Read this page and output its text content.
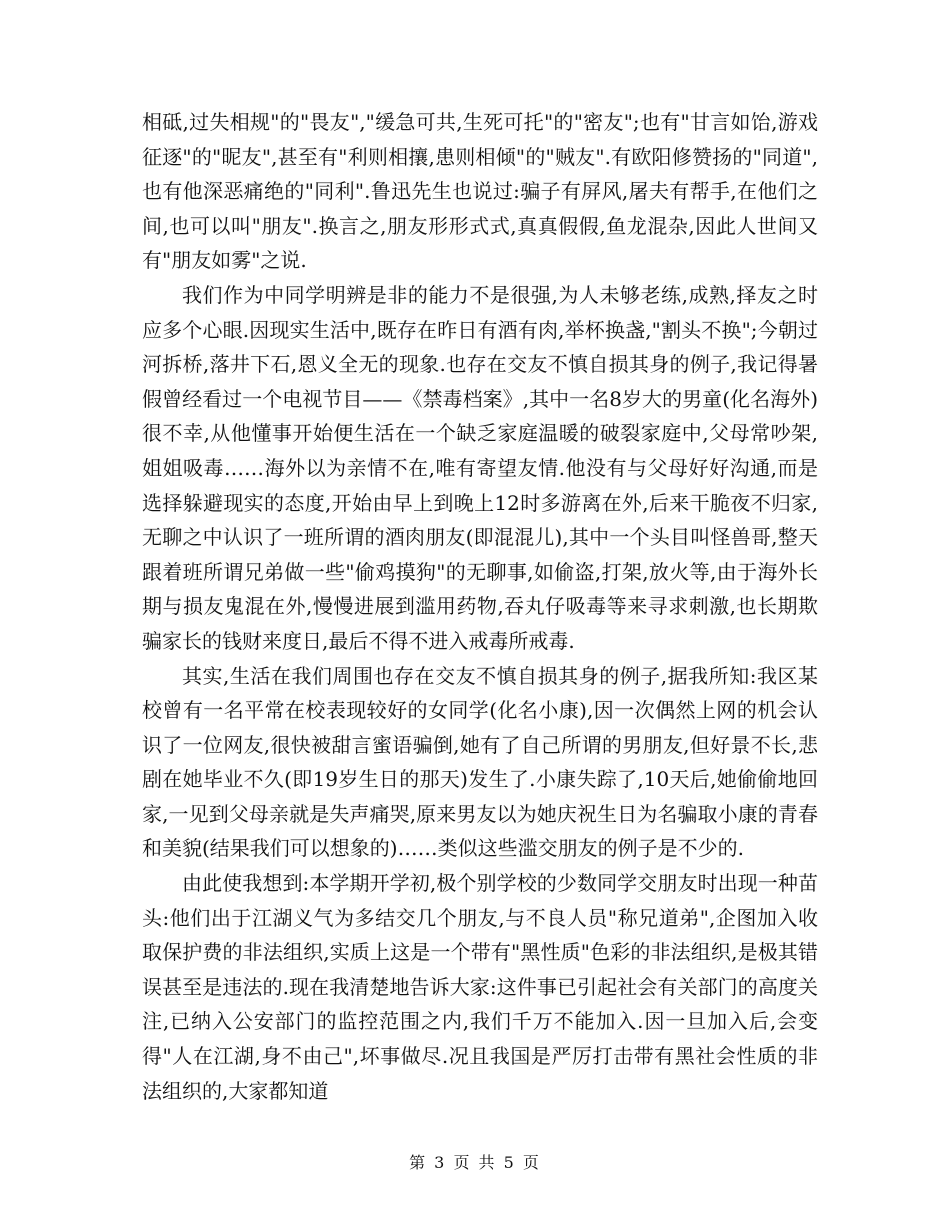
相砥,过失相规"的"畏友","缓急可共,生死可托"的"密友";也有"甘言如饴,游戏征逐"的"昵友",甚至有"利则相攘,患则相倾"的"贼友".有欧阳修赞扬的"同道",也有他深恶痛绝的"同利".鲁迅先生也说过:骗子有屏风,屠夫有帮手,在他们之间,也可以叫"朋友".换言之,朋友形形式式,真真假假,鱼龙混杂,因此人世间又有"朋友如雾"之说.

我们作为中同学明辨是非的能力不是很强,为人未够老练,成熟,择友之时应多个心眼.因现实生活中,既存在昨日有酒有肉,举杯换盏,"割头不换";今朝过河拆桥,落井下石,恩义全无的现象.也存在交友不慎自损其身的例子,我记得暑假曾经看过一个电视节目——《禁毒档案》,其中一名8岁大的男童(化名海外)很不幸,从他懂事开始便生活在一个缺乏家庭温暖的破裂家庭中,父母常吵架,姐姐吸毒……海外以为亲情不在,唯有寄望友情.他没有与父母好好沟通,而是选择躲避现实的态度,开始由早上到晚上12时多游离在外,后来干脆夜不归家,无聊之中认识了一班所谓的酒肉朋友(即混混儿),其中一个头目叫怪兽哥,整天跟着班所谓兄弟做一些"偷鸡摸狗"的无聊事,如偷盗,打架,放火等,由于海外长期与损友鬼混在外,慢慢进展到滥用药物,吞丸仔吸毒等来寻求刺激,也长期欺骗家长的钱财来度日,最后不得不进入戒毒所戒毒.

其实,生活在我们周围也存在交友不慎自损其身的例子,据我所知:我区某校曾有一名平常在校表现较好的女同学(化名小康),因一次偶然上网的机会认识了一位网友,很快被甜言蜜语骗倒,她有了自己所谓的男朋友,但好景不长,悲剧在她毕业不久(即19岁生日的那天)发生了.小康失踪了,10天后,她偷偷地回家,一见到父母亲就是失声痛哭,原来男友以为她庆祝生日为名骗取小康的青春和美貌(结果我们可以想象的)……类似这些滥交朋友的例子是不少的.

由此使我想到:本学期开学初,极个别学校的少数同学交朋友时出现一种苗头:他们出于江湖义气为多结交几个朋友,与不良人员"称兄道弟",企图加入收取保护费的非法组织,实质上这是一个带有"黑性质"色彩的非法组织,是极其错误甚至是违法的.现在我清楚地告诉大家:这件事已引起社会有关部门的高度关注,已纳入公安部门的监控范围之内,我们千万不能加入.因一旦加入后,会变得"人在江湖,身不由己",坏事做尽.况且我国是严厉打击带有黑社会性质的非法组织的,大家都知道

第 3 页 共 5 页
